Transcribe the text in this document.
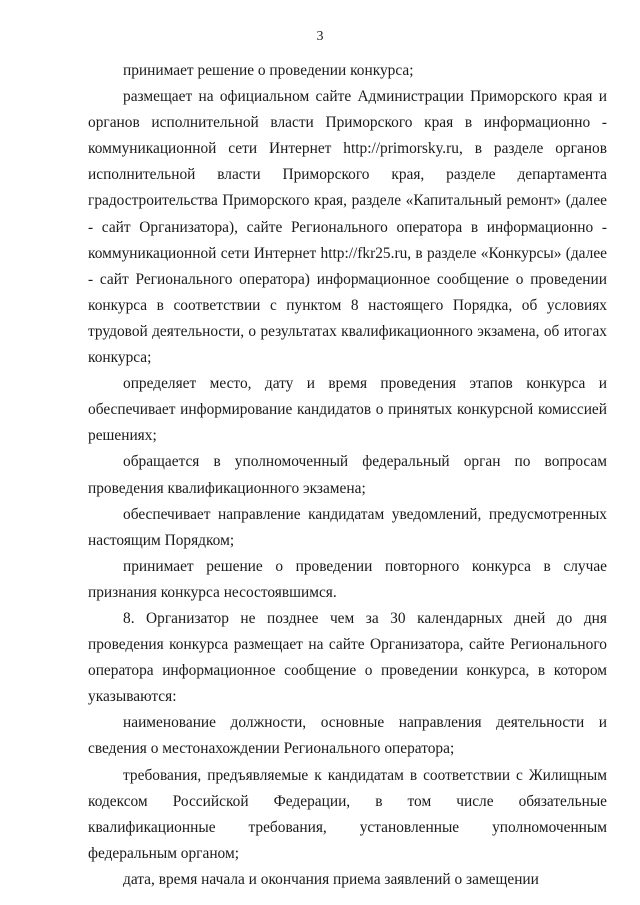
3

принимает решение о проведении конкурса;

размещает на официальном сайте Администрации Приморского края и органов исполнительной власти Приморского края в информационно - коммуникационной сети Интернет http://primorsky.ru, в разделе органов исполнительной власти Приморского края, разделе департамента градостроительства Приморского края, разделе «Капитальный ремонт» (далее - сайт Организатора), сайте Регионального оператора в информационно - коммуникационной сети Интернет http://fkr25.ru, в разделе «Конкурсы» (далее - сайт Регионального оператора) информационное сообщение о проведении конкурса в соответствии с пунктом 8 настоящего Порядка, об условиях трудовой деятельности, о результатах квалификационного экзамена, об итогах конкурса;

определяет место, дату и время проведения этапов конкурса и обеспечивает информирование кандидатов о принятых конкурсной комиссией решениях;

обращается в уполномоченный федеральный орган по вопросам проведения квалификационного экзамена;

обеспечивает направление кандидатам уведомлений, предусмотренных настоящим Порядком;

принимает решение о проведении повторного конкурса в случае признания конкурса несостоявшимся.

8. Организатор не позднее чем за 30 календарных дней до дня проведения конкурса размещает на сайте Организатора, сайте Регионального оператора информационное сообщение о проведении конкурса, в котором указываются:

наименование должности, основные направления деятельности и сведения о местонахождении Регионального оператора;

требования, предъявляемые к кандидатам в соответствии с Жилищным кодексом Российской Федерации, в том числе обязательные квалификационные требования, установленные уполномоченным федеральным органом;

дата, время начала и окончания приема заявлений о замещении
